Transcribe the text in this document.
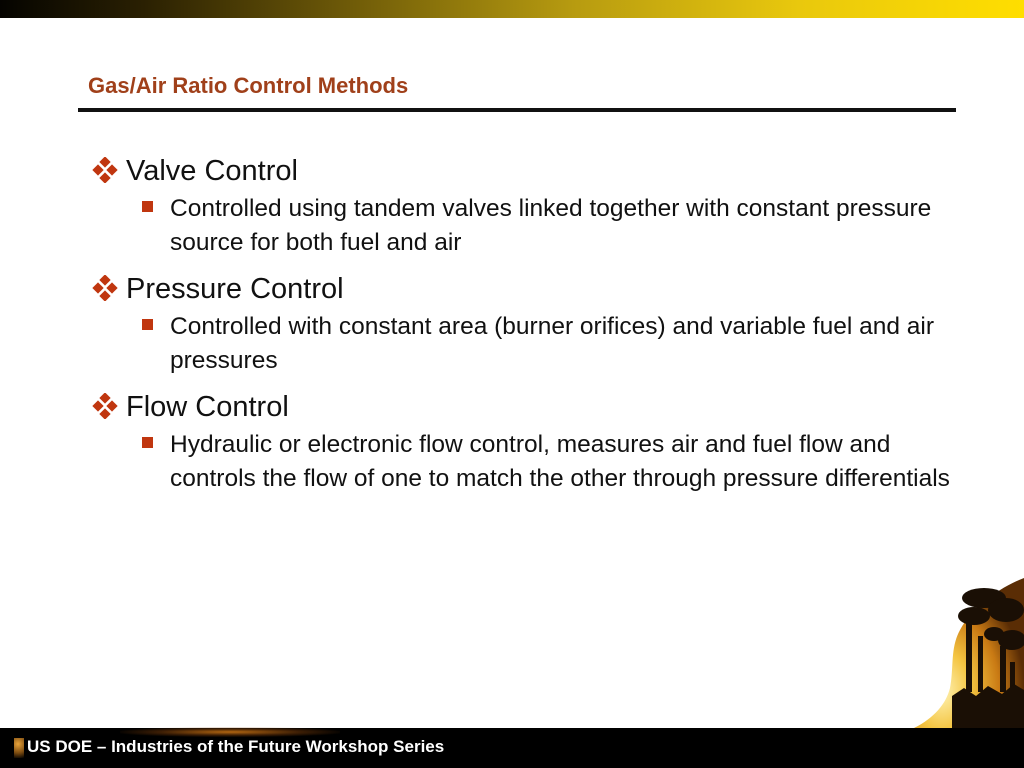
Gas/Air Ratio Control Methods
Valve Control
Controlled using tandem valves linked together with constant pressure source for both fuel and air
Pressure Control
Controlled with constant area (burner orifices) and variable fuel and air pressures
Flow Control
Hydraulic or electronic flow control, measures air and fuel flow and controls the flow of one to match the other through pressure differentials
US DOE – Industries of the Future Workshop Series
